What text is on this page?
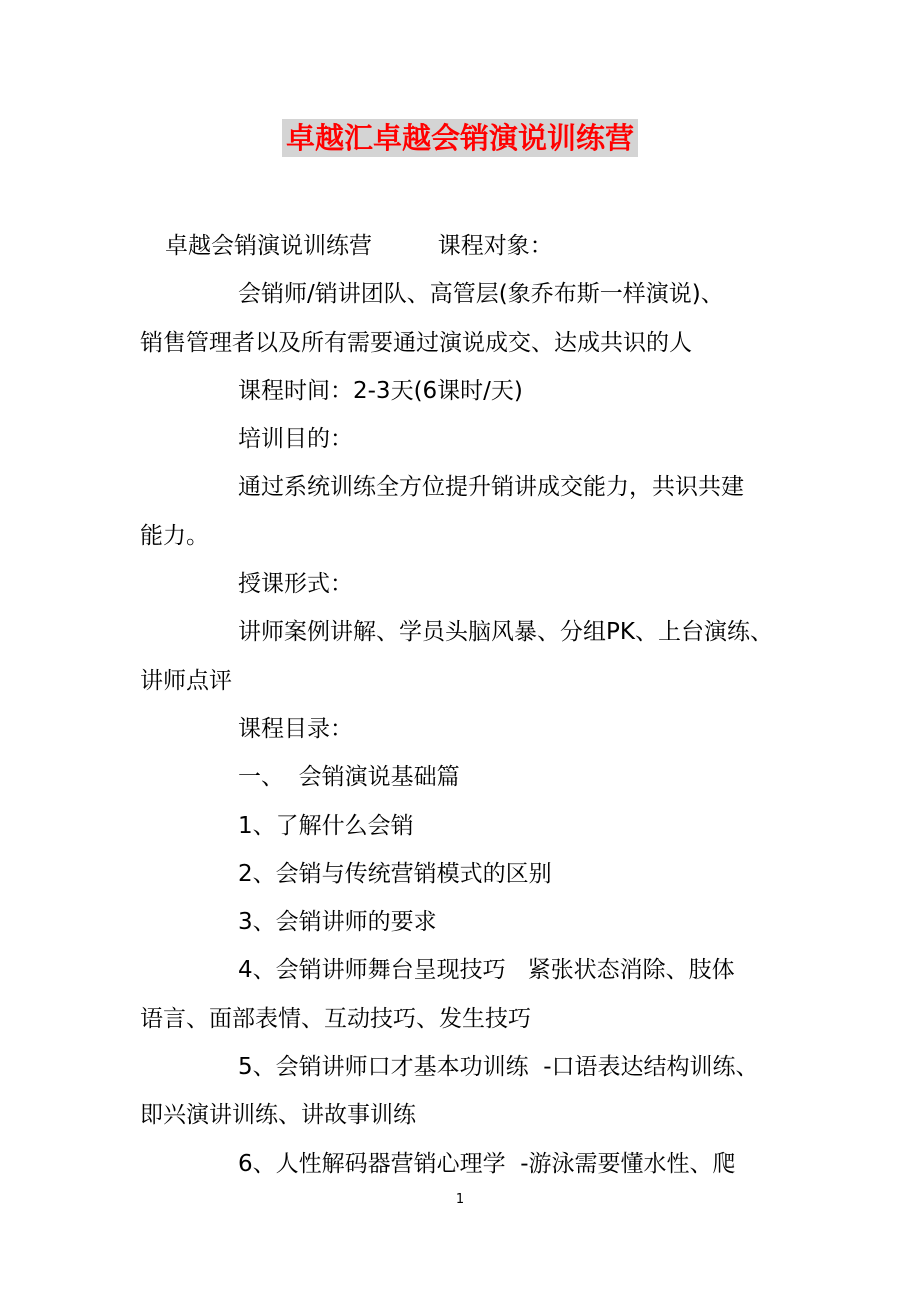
卓越汇卓越会销演说训练营
卓越会销演说训练营         课程对象：
会销师/销讲团队、高管层(象乔布斯一样演说)、
销售管理者以及所有需要通过演说成交、达成共识的人
课程时间：2-3天(6课时/天)
培训目的：
通过系统训练全方位提升销讲成交能力，共识共建
能力。
授课形式：
讲师案例讲解、学员头脑风暴、分组PK、上台演练、
讲师点评
课程目录：
一、  会销演说基础篇
1、了解什么会销
2、会销与传统营销模式的区别
3、会销讲师的要求
4、会销讲师舞台呈现技巧   紧张状态消除、肢体
语言、面部表情、互动技巧、发生技巧
5、会销讲师口才基本功训练  -口语表达结构训练、
即兴演讲训练、讲故事训练
6、人性解码器营销心理学  -游泳需要懂水性、爬
1
